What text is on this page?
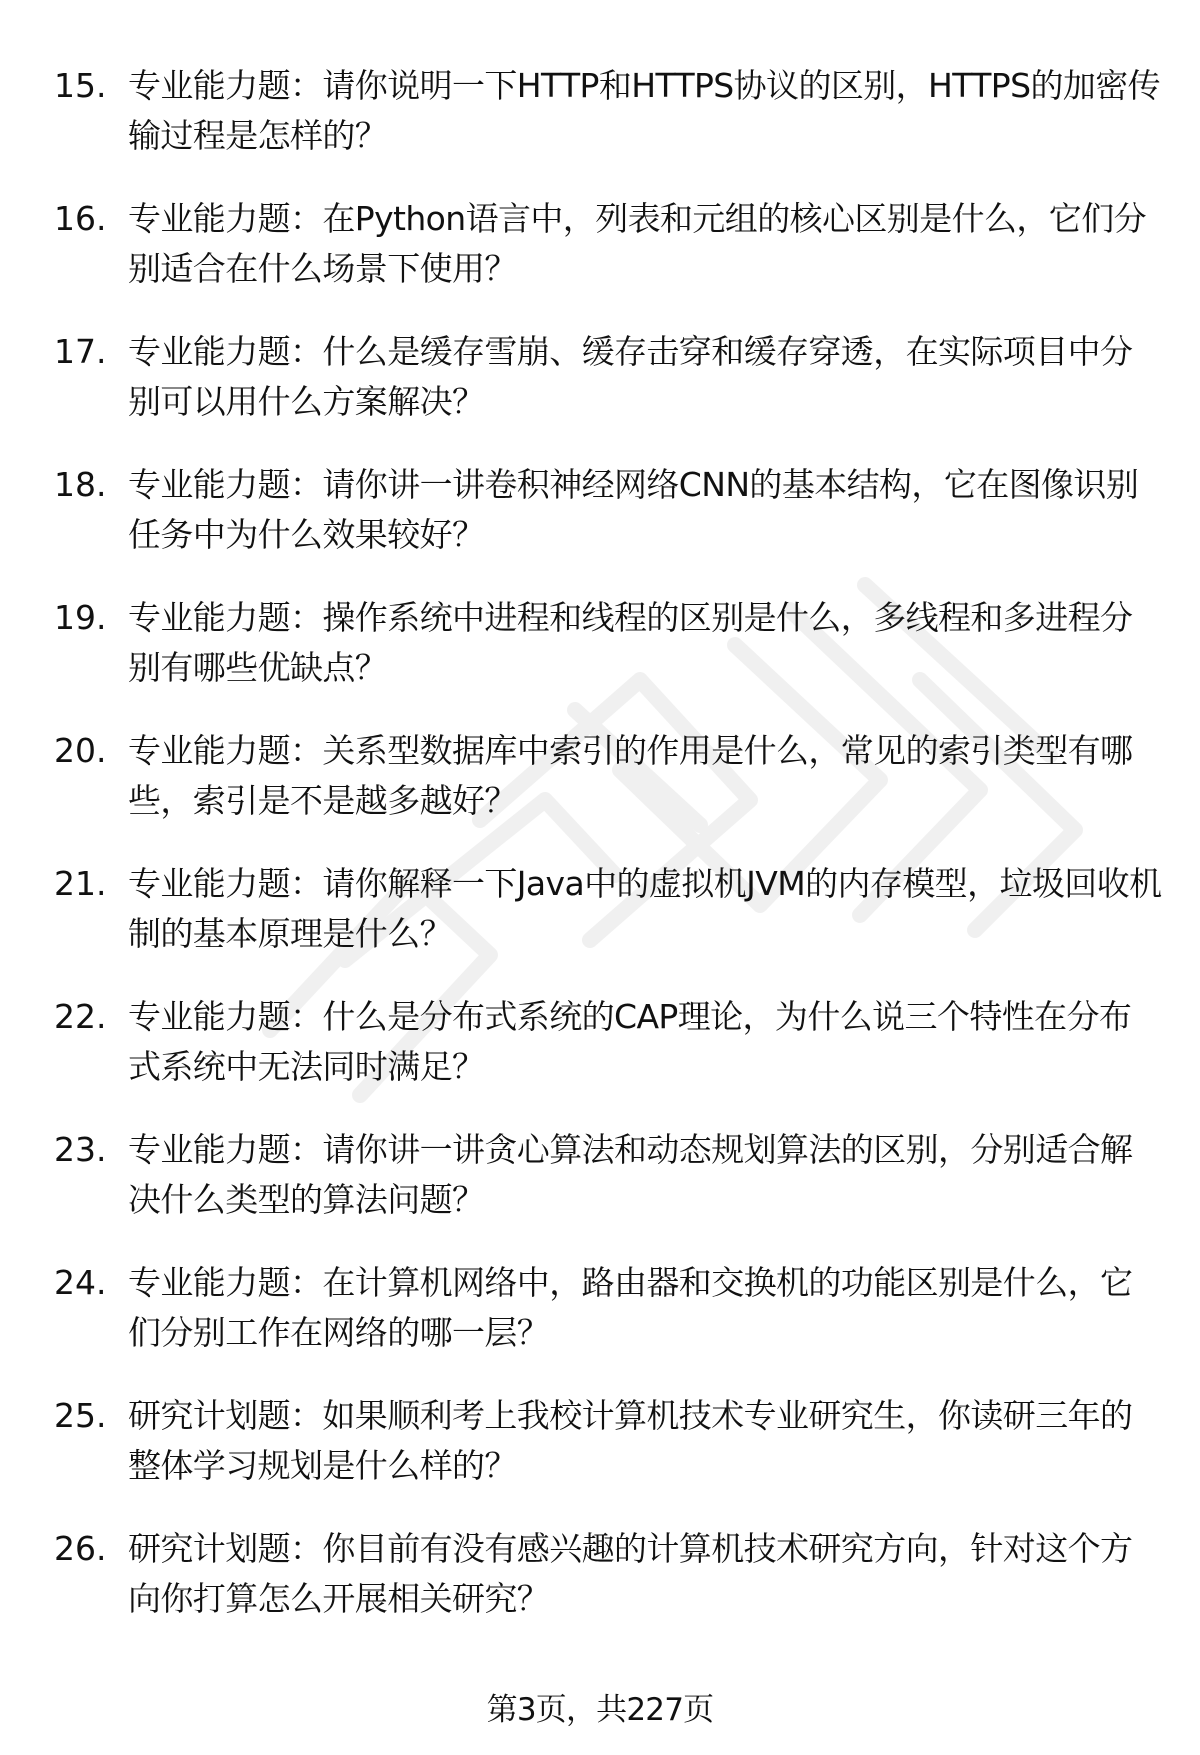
15. 专业能力题：请你说明一下HTTP和HTTPS协议的区别，HTTPS的加密传输过程是怎样的？
16. 专业能力题：在Python语言中，列表和元组的核心区别是什么，它们分别适合在什么场景下使用？
17. 专业能力题：什么是缓存雪崩、缓存击穿和缓存穿透，在实际项目中分别可以用什么方案解决？
18. 专业能力题：请你讲一讲卷积神经网络CNN的基本结构，它在图像识别任务中为什么效果较好？
19. 专业能力题：操作系统中进程和线程的区别是什么，多线程和多进程分别有哪些优缺点？
20. 专业能力题：关系型数据库中索引的作用是什么，常见的索引类型有哪些，索引是不是越多越好？
21. 专业能力题：请你解释一下Java中的虚拟机JVM的内存模型，垃圾回收机制的基本原理是什么？
22. 专业能力题：什么是分布式系统的CAP理论，为什么说三个特性在分布式系统中无法同时满足？
23. 专业能力题：请你讲一讲贪心算法和动态规划算法的区别，分别适合解决什么类型的算法问题？
24. 专业能力题：在计算机网络中，路由器和交换机的功能区别是什么，它们分别工作在网络的哪一层？
25. 研究计划题：如果顺利考上我校计算机技术专业研究生，你读研三年的整体学习规划是什么样的？
26. 研究计划题：你目前有没有感兴趣的计算机技术研究方向，针对这个方向你打算怎么开展相关研究？
第3页，共227页
